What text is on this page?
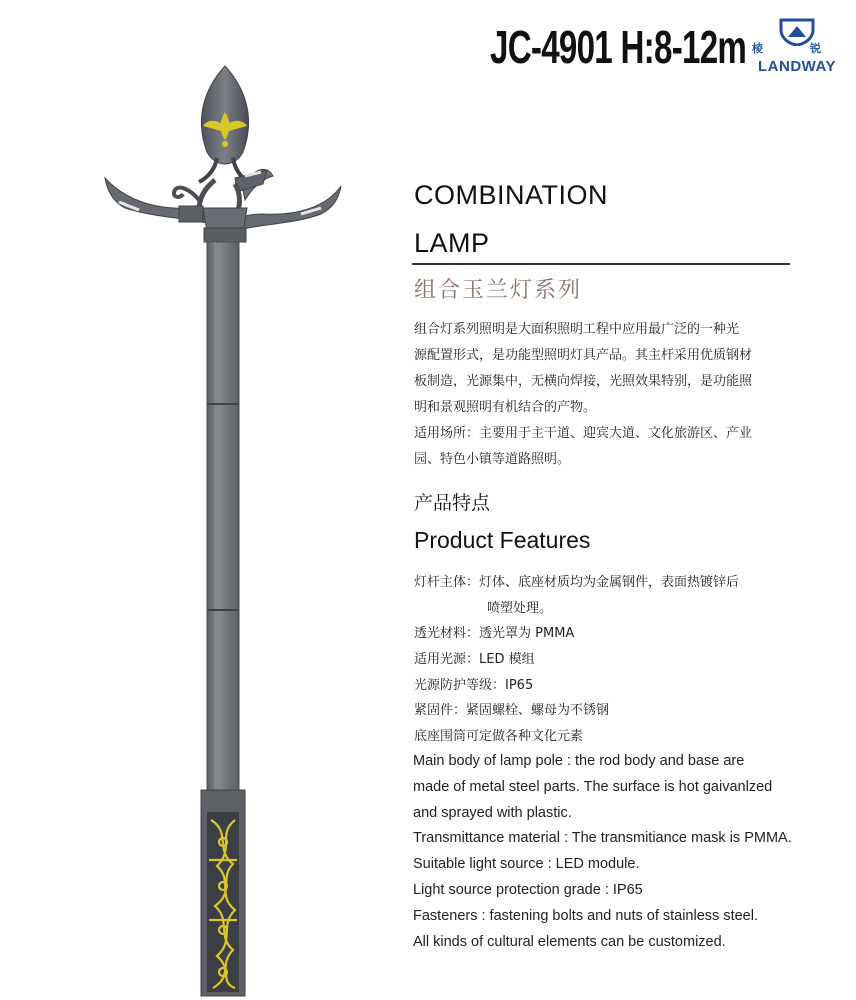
JC-4901 H:8-12m 棱	锐
LANDWAY
COMBINATION
LAMP
组合玉兰灯系列
组合灯系列照明是大面积照明工程中应用最广泛的一种光
源配置形式，是功能型照明灯具产品。其主杆采用优质钢材
板制造，光源集中，无横向焊接，光照效果特别，是功能照
明和景观照明有机结合的产物。
适用场所：主要用于主干道、迎宾大道、文化旅游区、产业
园、特色小镇等道路照明。
产品特点
Product Features
灯杆主体：灯体、底座材质均为金属钢件，表面热镀锌后
喷塑处理。
透光材料：透光罩为 PMMA
适用光源：LED 模组
光源防护等级：IP65
紧固件：紧固螺栓、螺母为不锈钢
底座围筒可定做各种文化元素
Main body of lamp pole : the rod body and base are
made of metal steel parts. The surface is hot gaivanlzed
and sprayed with plastic.
Transmittance material : The transmitiance mask is PMMA.
Suitable light source : LED module.
Light source protection grade : IP65
Fasteners : fastening bolts and nuts of stainless steel.
All kinds of cultural elements can be customized.
